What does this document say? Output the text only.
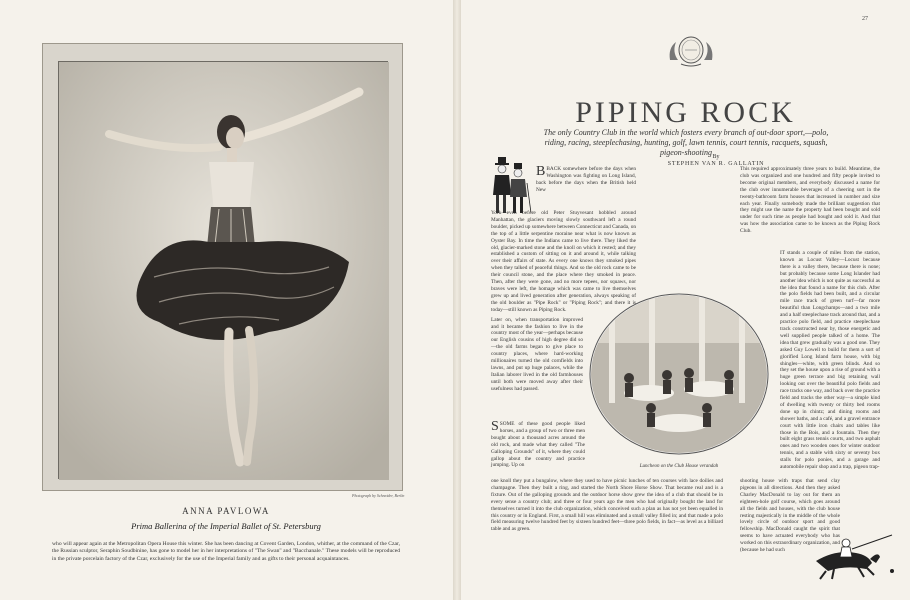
Photograph by Schneider, Berlin
ANNA PAVLOWA
Prima Ballerina of the Imperial Ballet of St. Petersburg
who will appear again at the Metropolitan Opera House this winter. She has been dancing at Covent Garden, London, whither, at the command of the Czar, the Russian sculptor, Seraphin Soudbinine, has gone to model her in her interpretations of "The Swan" and "Bacchanale." These models will be reproduced in the private porcelain factory of the Czar, exclusively for the use of the Imperial family and as gifts to their personal acquaintances.
27
PIPING ROCK
The only Country Club in the world which fosters every branch of out-door sport,—polo, riding, racing, steeplechasing, hunting, golf, lawn tennis, court tennis, racquets, squash, pigeon-shooting By
STEPHEN VAN R. GALLATIN
BBACK somewhere before the days when Washington was fighting on Long Island, back before the days when the British held New

York—even before old Peter Stuyvesant hobbled around Manhattan, the glaciers moving slowly southward left a round boulder, picked up somewhere between Connecticut and Canada, on the top of a little serpentine moraine near what is now known as Oyster Bay. In time the Indians came to live there. They liked the old, glacier-marked stone and the knoll on which it rested; and they established a custom of sitting on it and around it, while talking over their affairs of state. As every one knows they smoked pipes when they talked of peaceful things. And so the old rock came to be their council stone, and the place where they smoked in peace. Then, after they were gone, and no more tepees, nor squaws, nor braves were left, the homage which was came to live themselves grew up and lived generation after generation, always speaking of the old boulder as "Pipe Rock" or "Piping Rock"; and there it is today—still known as Piping Rock.

Later on, when transportation improved and it became the fashion to live in the country most of the year—perhaps because our English cousins of high degree did so—the old farms began to give place to country places, where hard-working millionaires turned the old cornfields into lawns, and put up huge palaces, while the Italian laborer lived in the old farmhouses until both were moved away after their usefulness had passed.

SSOME of these good people liked horses, and a group of two or three men bought about a thousand acres around the old rock, and made what they called "The Galloping Grounds" of it, where they could gallop about the country and practice jumping. Up on

one knoll they put a bungalow, where they used to have picnic lunches of ten courses with lace doilies and champagne. Then they built a ring, and started the North Shore Horse Show. That became real and is a fixture. Out of the galloping grounds and the outdoor horse show grew the idea of a club that should be in every sense a country club; and three or four years ago the men who had originally bought the land for themselves turned it into the club organization, which conceived such a plan as has not yet been equalled in this country or in England. First, a small hill was eliminated and a small valley filled in; and that made a polo field measuring twelve hundred feet by sixteen hundred feet—three polo fields, in fact—as level as a billiard table and as green.

This required approximately three years to build. Meantime, the club was organized and one hundred and fifty people invited to become original members, and everybody discussed a name for the club over innumerable beverages of a cheering sort in the twenty-bathroom farm houses that increased in number and size each year. Finally somebody made the brilliant suggestion that they might use the name the property had been bought and sold under for such time as people had bought and sold it. And that was how the association came to be known as the Piping Rock Club.

IT stands a couple of miles from the station, known as Locust Valley—Locust because there is a valley there, because there is none; but probably because some Long Islander had another idea which is not quite as successful as the idea that found a name for this club. After the polo fields had been built, and a circular mile race track of green turf—far more beautiful than Longchamps—and a two mile and a half steeplechase track around that, and a practice polo field, and practice steeplechase track constructed near by, those energetic and well supplied people talked of a home. The idea that grew gradually was a good one. They asked Guy Lowell to build for them a sort of glorified Long Island farm house, with big shingles—white, with green blinds. And so they set the house upon a rise of ground with a huge green terrace and big retaining wall looking out over the beautiful polo fields and race tracks one way, and back over the practice field and tracks the other way—a simple kind of dwelling with twenty or thirty bed rooms done up in chintz; and dining rooms and shower baths, and a café, and a gravel entrance court with little iron chairs and tables like those in the Bois, and a fountain. Then they built eight grass tennis courts, and two asphalt ones and two wooden ones for winter outdoor tennis, and a stable with sixty or seventy box stalls for polo ponies, and a garage and automobile repair shop and a trap, pigeon trap-

shooting house with traps that send clay pigeons in all directions. And then they asked Charley MacDonald to lay out for them an eighteen-hole golf course, which goes around all the fields and houses, with the club house resting majestically in the middle of the whole lovely circle of outdoor sport and good fellowship. MacDonald caught the spirit that seems to have actuated everybody who has worked on this extraordinary organization, and (because he had such

Luncheon on the Club House verandah
